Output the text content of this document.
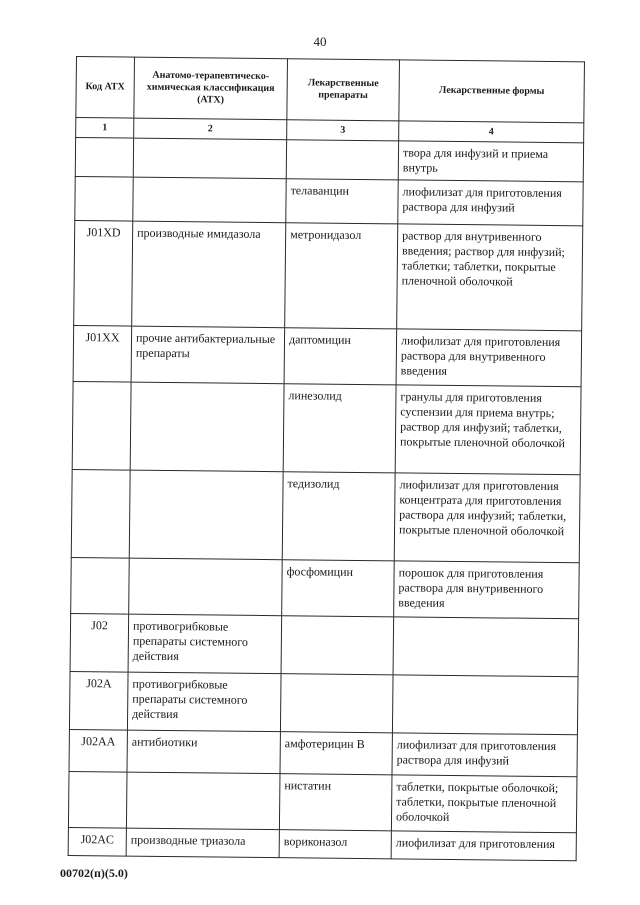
40
Код АТХ	Анатомо-терапевтическо-химическая классификация (АТХ)	Лекарственные препараты	Лекарственные формы
1	2	3	4
			твора для инфузий и приема внутрь
		телаванцин	лиофилизат для приготовления раствора для инфузий
J01XD	производные имидазола	метронидазол	раствор для внутривенного введения; раствор для инфузий; таблетки; таблетки, покрытые пленочной оболочкой
J01XX	прочие антибактериальные препараты	даптомицин	лиофилизат для приготовления раствора для внутривенного введения
		линезолид	гранулы для приготовления суспензии для приема внутрь; раствор для инфузий; таблетки, покрытые пленочной оболочкой
		тедизолид	лиофилизат для приготовления концентрата для приготовления раствора для инфузий; таблетки, покрытые пленочной оболочкой
		фосфомицин	порошок для приготовления раствора для внутривенного введения
J02	противогрибковые препараты системного действия		
J02A	противогрибковые препараты системного действия		
J02AA	антибиотики	амфотерицин В	лиофилизат для приготовления раствора для инфузий
		нистатин	таблетки, покрытые оболочкой; таблетки, покрытые пленочной оболочкой
J02AC	производные триазола	вориконазол	лиофилизат для приготовления
00702(п)(5.0)
